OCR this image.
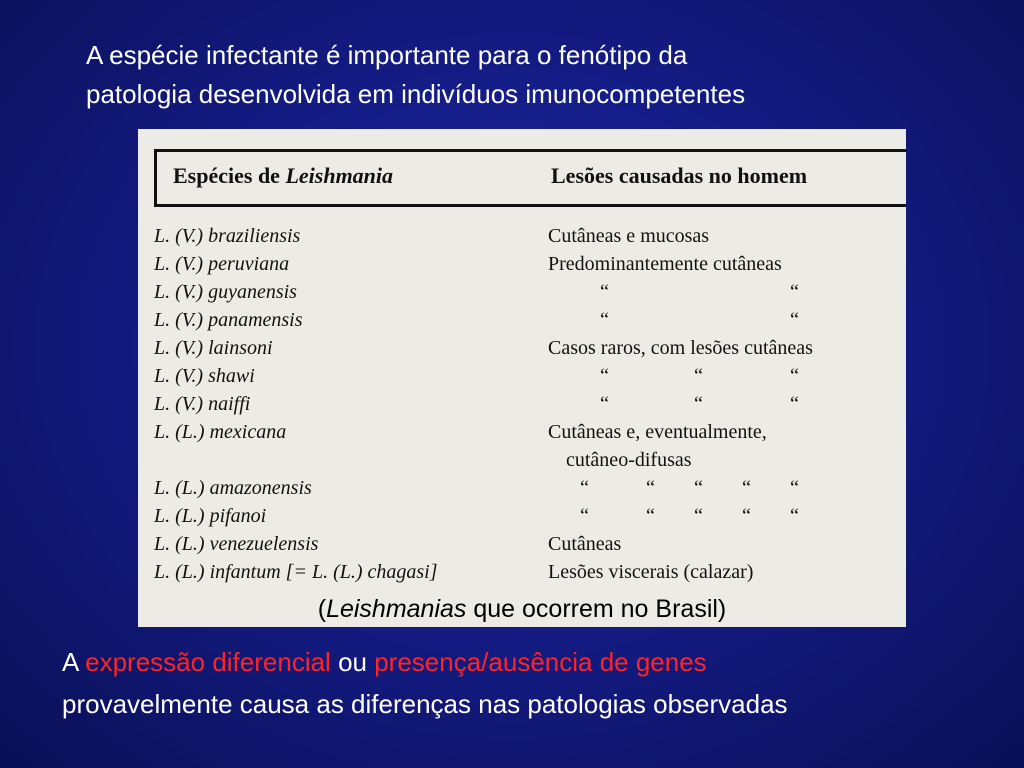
A espécie infectante é importante para o fenótipo da
patologia desenvolvida em indivíduos imunocompetentes
Espécies de Leishmania	Lesões causadas no homem
L. (V.) braziliensis	Cutâneas e mucosas
L. (V.) peruviana	Predominantemente cutâneas
L. (V.) guyanensis	“	“
L. (V.) panamensis	“	“
L. (V.) lainsoni	Casos raros, com lesões cutâneas
L. (V.) shawi	“	“	“
L. (V.) naiffi	“	“	“
L. (L.) mexicana	Cutâneas e, eventualmente,
cutâneo-difusas
L. (L.) amazonensis	“	“ “ “ “
L. (L.) pifanoi	“	“ “ “ “
L. (L.) venezuelensis	Cutâneas
L. (L.) infantum [= L. (L.) chagasi]	Lesões viscerais (calazar)
(Leishmanias que ocorrem no Brasil)
A expressão diferencial ou presença/ausência de genes
provavelmente causa as diferenças nas patologias observadas
